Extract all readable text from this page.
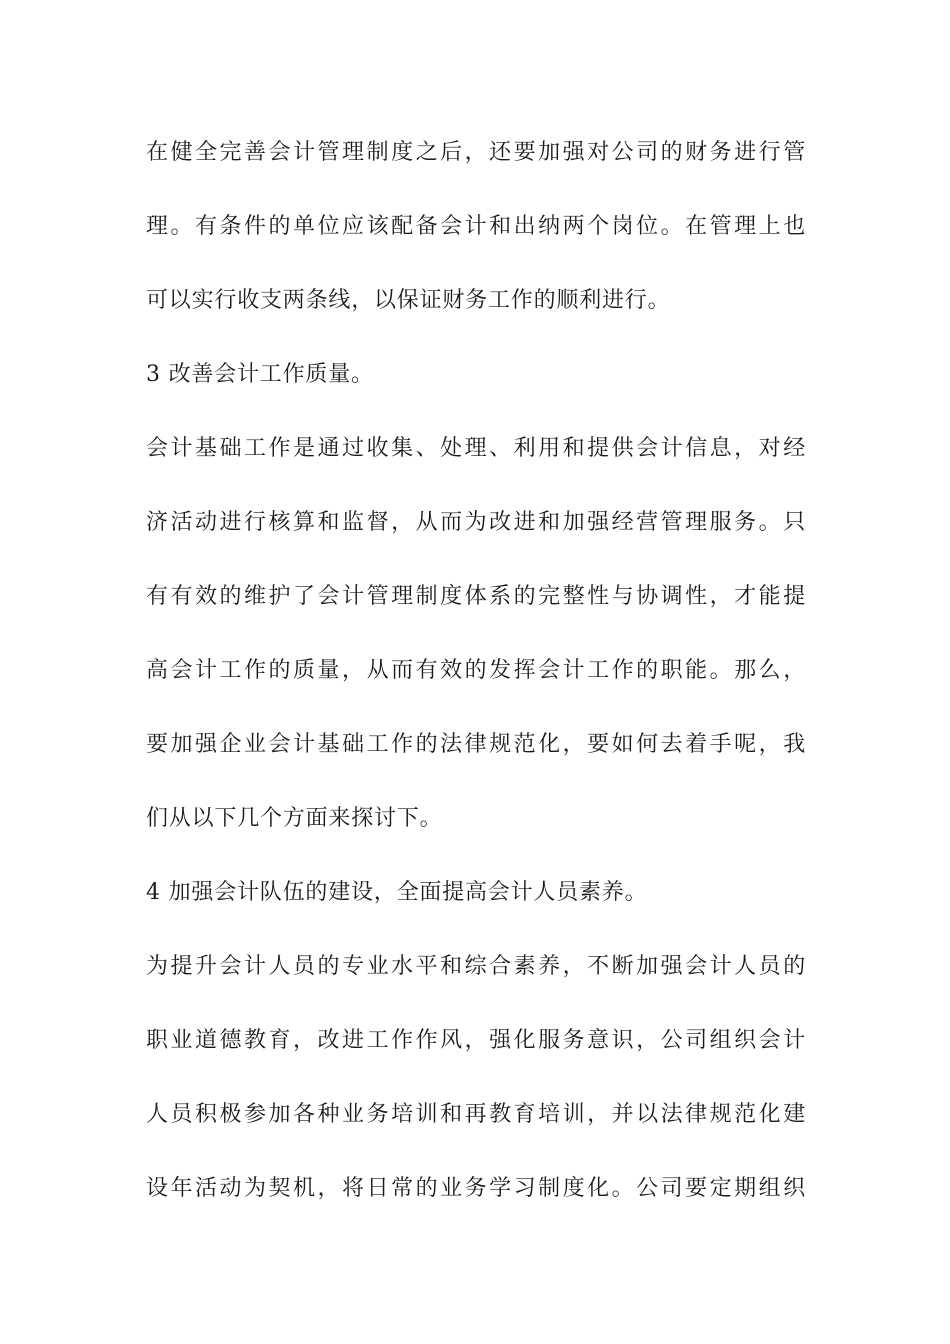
在健全完善会计管理制度之后，还要加强对公司的财务进行管
理。有条件的单位应该配备会计和出纳两个岗位。在管理上也
可以实行收支两条线，以保证财务工作的顺利进行。
3 改善会计工作质量。
会计基础工作是通过收集、处理、利用和提供会计信息，对经
济活动进行核算和监督，从而为改进和加强经营管理服务。只
有有效的维护了会计管理制度体系的完整性与协调性，才能提
高会计工作的质量，从而有效的发挥会计工作的职能。那么，
要加强企业会计基础工作的法律规范化，要如何去着手呢，我
们从以下几个方面来探讨下。
4 加强会计队伍的建设，全面提高会计人员素养。
为提升会计人员的专业水平和综合素养，不断加强会计人员的
职业道德教育，改进工作作风，强化服务意识，公司组织会计
人员积极参加各种业务培训和再教育培训，并以法律规范化建
设年活动为契机，将日常的业务学习制度化。公司要定期组织
